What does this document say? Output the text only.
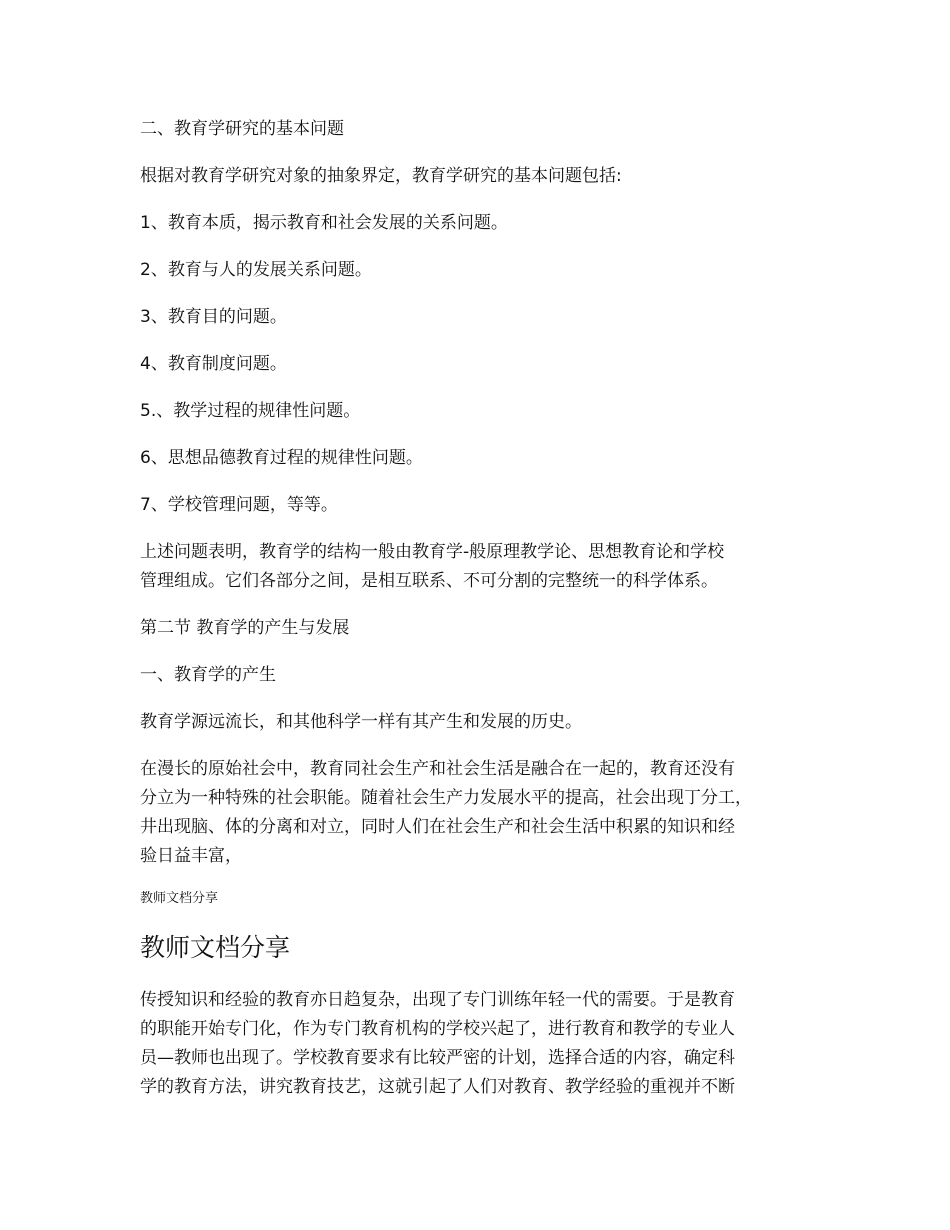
二、教育学研究的基本问题

根据对教育学研究对象的抽象界定，教育学研究的基本问题包括:

1、教育本质，揭示教育和社会发展的关系问题。

2、教育与人的发展关系问题。

3、教育目的问题。

4、教育制度问题。

5.、教学过程的规律性问题。

6、思想品德教育过程的规律性问题。

7、学校管理问题，等等。

上述问题表明，教育学的结构一般由教育学-般原理教学论、思想教育论和学校
管理组成。它们各部分之间，是相互联系、不可分割的完整统一的科学体系。

第二节 教育学的产生与发展

一、教育学的产生

教育学源远流长，和其他科学一样有其产生和发展的历史。

在漫长的原始社会中，教育同社会生产和社会生活是融合在一起的，教育还没有
分立为一种特殊的社会职能。随着社会生产力发展水平的提高，社会出现丁分工，
井出现脑、体的分离和对立，同时人们在社会生产和社会生活中积累的知识和经
验日益丰富，

教师文档分享

教师文档分享

传授知识和经验的教育亦日趋复杂，出现了专门训练年轻一代的需要。于是教育
的职能开始专门化，作为专门教育机构的学校兴起了，进行教育和教学的专业人
员—教师也出现了。学校教育要求有比较严密的计划，选择合适的内容，确定科
学的教育方法，讲究教育技艺，这就引起了人们对教育、教学经验的重视并不断
